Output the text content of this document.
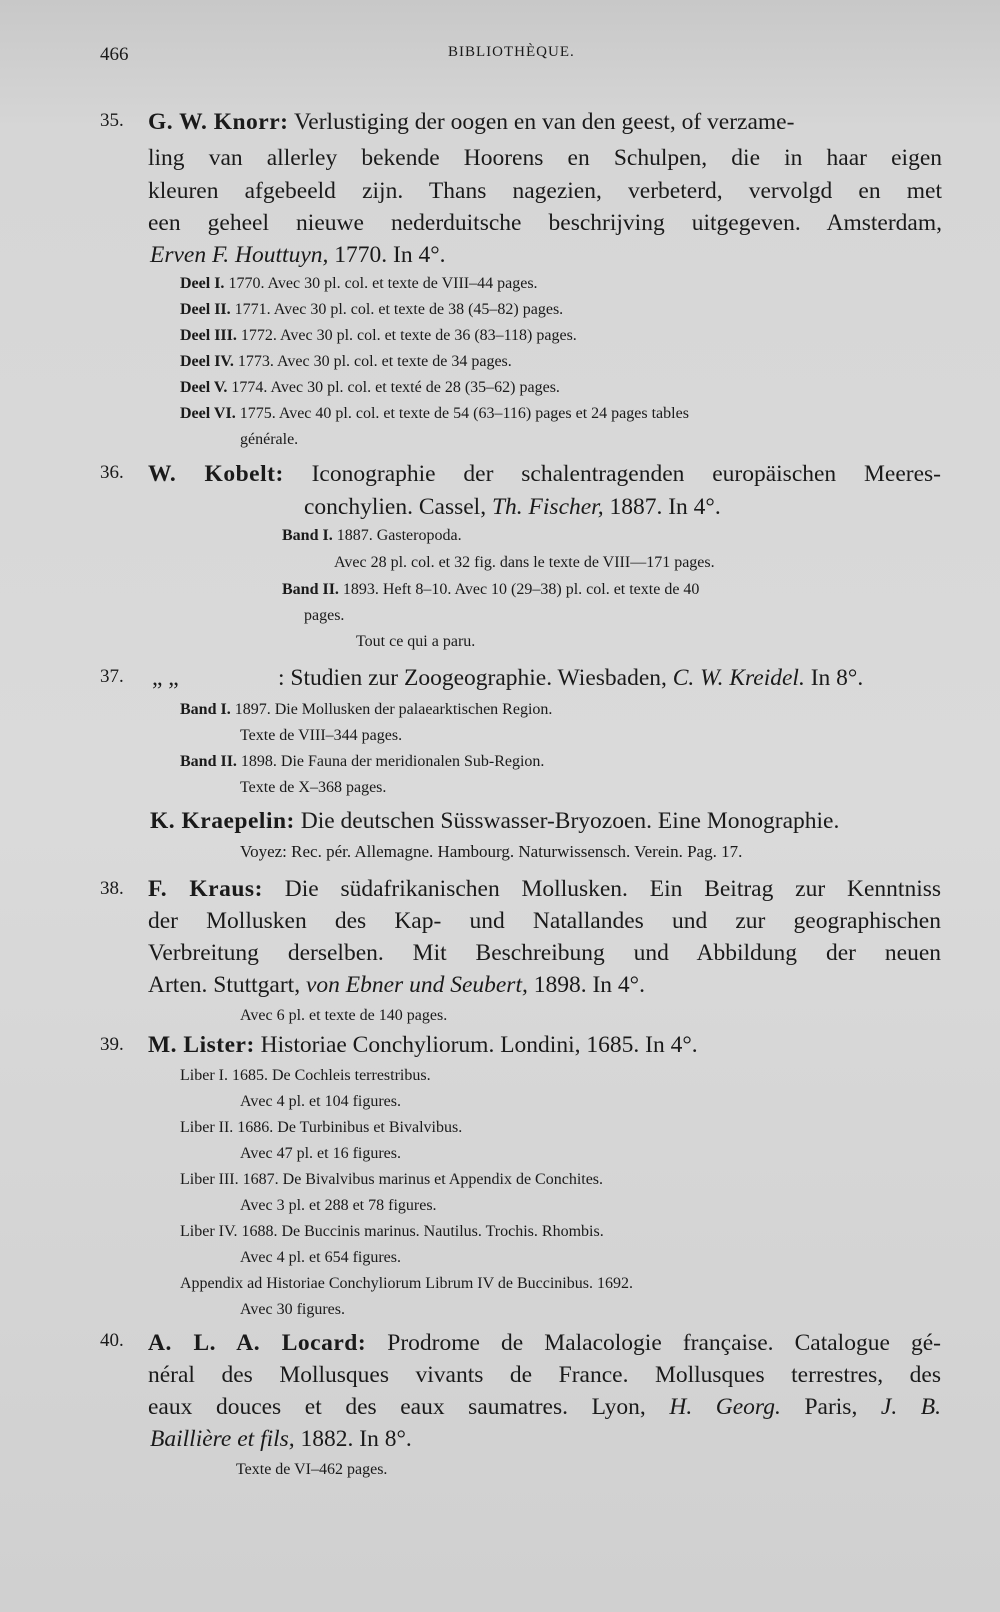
466	BIBLIOTHÈQUE.
35. G. W. Knorr: Verlustiging der oogen en van den geest, of verzame-
ling van allerley bekende Hoorens en Schulpen, die in haar eigen
kleuren afgebeeld zijn. Thans nagezien, verbeterd, vervolgd en met
een geheel nieuwe nederduitsche beschrijving uitgegeven. Amsterdam,
Erven F. Houttuyn, 1770. In 4°.
Deel I. 1770. Avec 30 pl. col. et texte de VIII–44 pages.
Deel II. 1771. Avec 30 pl. col. et texte de 38 (45–82) pages.
Deel III. 1772. Avec 30 pl. col. et texte de 36 (83–118) pages.
Deel IV. 1773. Avec 30 pl. col. et texte de 34 pages.
Deel V. 1774. Avec 30 pl. col. et texté de 28 (35–62) pages.
Deel VI. 1775. Avec 40 pl. col. et texte de 54 (63–116) pages et 24 pages tables
générale.
36. W. Kobelt: Iconographie der schalentragenden europäischen Meeres-
conchylien. Cassel, Th. Fischer, 1887. In 4°.
Band I. 1887. Gasteropoda.
Avec 28 pl. col. et 32 fig. dans le texte de VIII—171 pages.
Band II. 1893. Heft 8–10. Avec 10 (29–38) pl. col. et texte de 40
pages.
Tout ce qui a paru.
37. „ „	: Studien zur Zoogeographie. Wiesbaden, C. W. Kreidel. In 8°.
Band I. 1897. Die Mollusken der palaearktischen Region.
Texte de VIII–344 pages.
Band II. 1898. Die Fauna der meridionalen Sub-Region.
Texte de X–368 pages.
K. Kraepelin: Die deutschen Süsswasser-Bryozoen. Eine Monographie.
Voyez: Rec. pér. Allemagne. Hambourg. Naturwissensch. Verein. Pag. 17.
38. F. Kraus: Die südafrikanischen Mollusken. Ein Beitrag zur Kenntniss
der Mollusken des Kap- und Natallandes und zur geographischen
Verbreitung derselben. Mit Beschreibung und Abbildung der neuen
Arten. Stuttgart, von Ebner und Seubert, 1898. In 4°.
Avec 6 pl. et texte de 140 pages.
39. M. Lister: Historiae Conchyliorum. Londini, 1685. In 4°.
Liber I. 1685. De Cochleis terrestribus.
Avec 4 pl. et 104 figures.
Liber II. 1686. De Turbinibus et Bivalvibus.
Avec 47 pl. et 16 figures.
Liber III. 1687. De Bivalvibus marinus et Appendix de Conchites.
Avec 3 pl. et 288 et 78 figures.
Liber IV. 1688. De Buccinis marinus. Nautilus. Trochis. Rhombis.
Avec 4 pl. et 654 figures.
Appendix ad Historiae Conchyliorum Librum IV de Buccinibus. 1692.
Avec 30 figures.
40. A. L. A. Locard: Prodrome de Malacologie française. Catalogue gé-
néral des Mollusques vivants de France. Mollusques terrestres, des
eaux douces et des eaux saumatres. Lyon, H. Georg. Paris, J. B.
Baillière et fils, 1882. In 8°.
Texte de VI–462 pages.
